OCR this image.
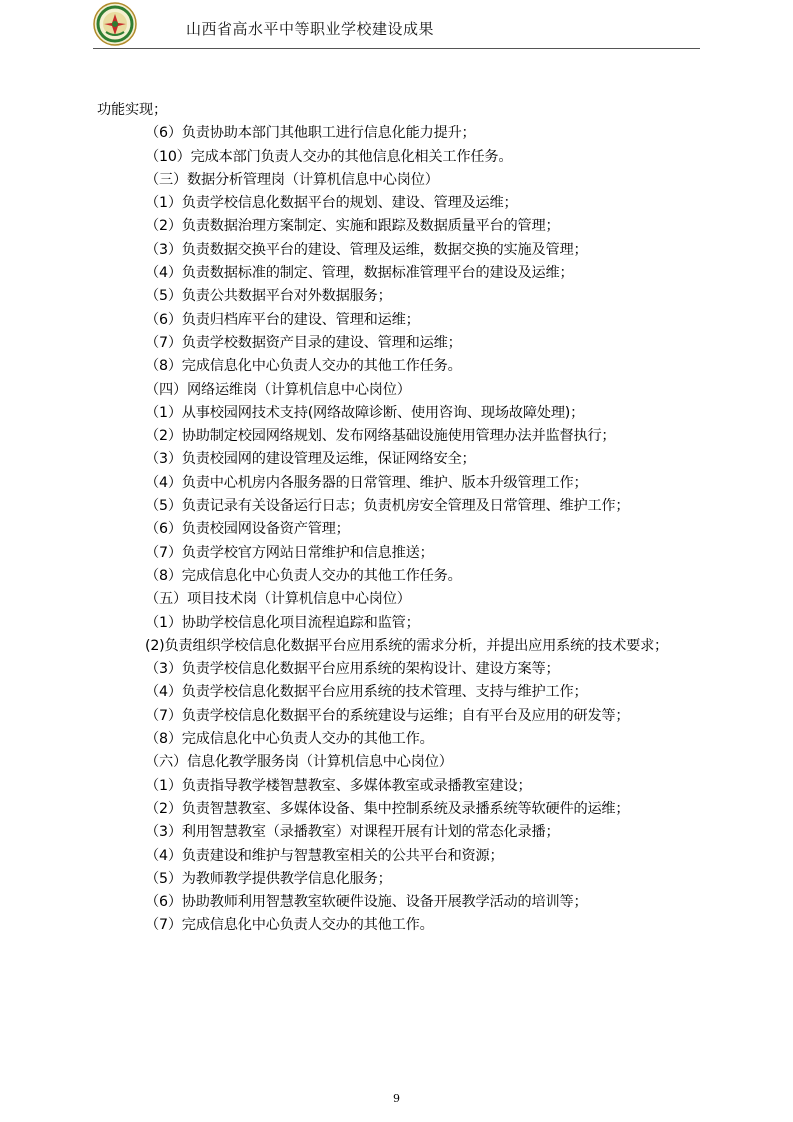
山西省高水平中等职业学校建设成果
功能实现；
（6）负责协助本部门其他职工进行信息化能力提升；
（10）完成本部门负责人交办的其他信息化相关工作任务。
（三）数据分析管理岗（计算机信息中心岗位）
（1）负责学校信息化数据平台的规划、建设、管理及运维；
（2）负责数据治理方案制定、实施和跟踪及数据质量平台的管理；
（3）负责数据交换平台的建设、管理及运维，数据交换的实施及管理；
（4）负责数据标准的制定、管理，数据标准管理平台的建设及运维；
（5）负责公共数据平台对外数据服务；
（6）负责归档库平台的建设、管理和运维；
（7）负责学校数据资产目录的建设、管理和运维；
（8）完成信息化中心负责人交办的其他工作任务。
（四）网络运维岗（计算机信息中心岗位）
（1）从事校园网技术支持(网络故障诊断、使用咨询、现场故障处理)；
（2）协助制定校园网络规划、发布网络基础设施使用管理办法并监督执行；
（3）负责校园网的建设管理及运维，保证网络安全；
（4）负责中心机房内各服务器的日常管理、维护、版本升级管理工作；
（5）负责记录有关设备运行日志；负责机房安全管理及日常管理、维护工作；
（6）负责校园网设备资产管理；
（7）负责学校官方网站日常维护和信息推送；
（8）完成信息化中心负责人交办的其他工作任务。
（五）项目技术岗（计算机信息中心岗位）
（1）协助学校信息化项目流程追踪和监管；
(2)负责组织学校信息化数据平台应用系统的需求分析，并提出应用系统的技术要求；
（3）负责学校信息化数据平台应用系统的架构设计、建设方案等；
（4）负责学校信息化数据平台应用系统的技术管理、支持与维护工作；
（7）负责学校信息化数据平台的系统建设与运维；自有平台及应用的研发等；
（8）完成信息化中心负责人交办的其他工作。
（六）信息化教学服务岗（计算机信息中心岗位）
（1）负责指导教学楼智慧教室、多媒体教室或录播教室建设；
（2）负责智慧教室、多媒体设备、集中控制系统及录播系统等软硬件的运维；
（3）利用智慧教室（录播教室）对课程开展有计划的常态化录播；
（4）负责建设和维护与智慧教室相关的公共平台和资源；
（5）为教师教学提供教学信息化服务；
（6）协助教师利用智慧教室软硬件设施、设备开展教学活动的培训等；
（7）完成信息化中心负责人交办的其他工作。
9
